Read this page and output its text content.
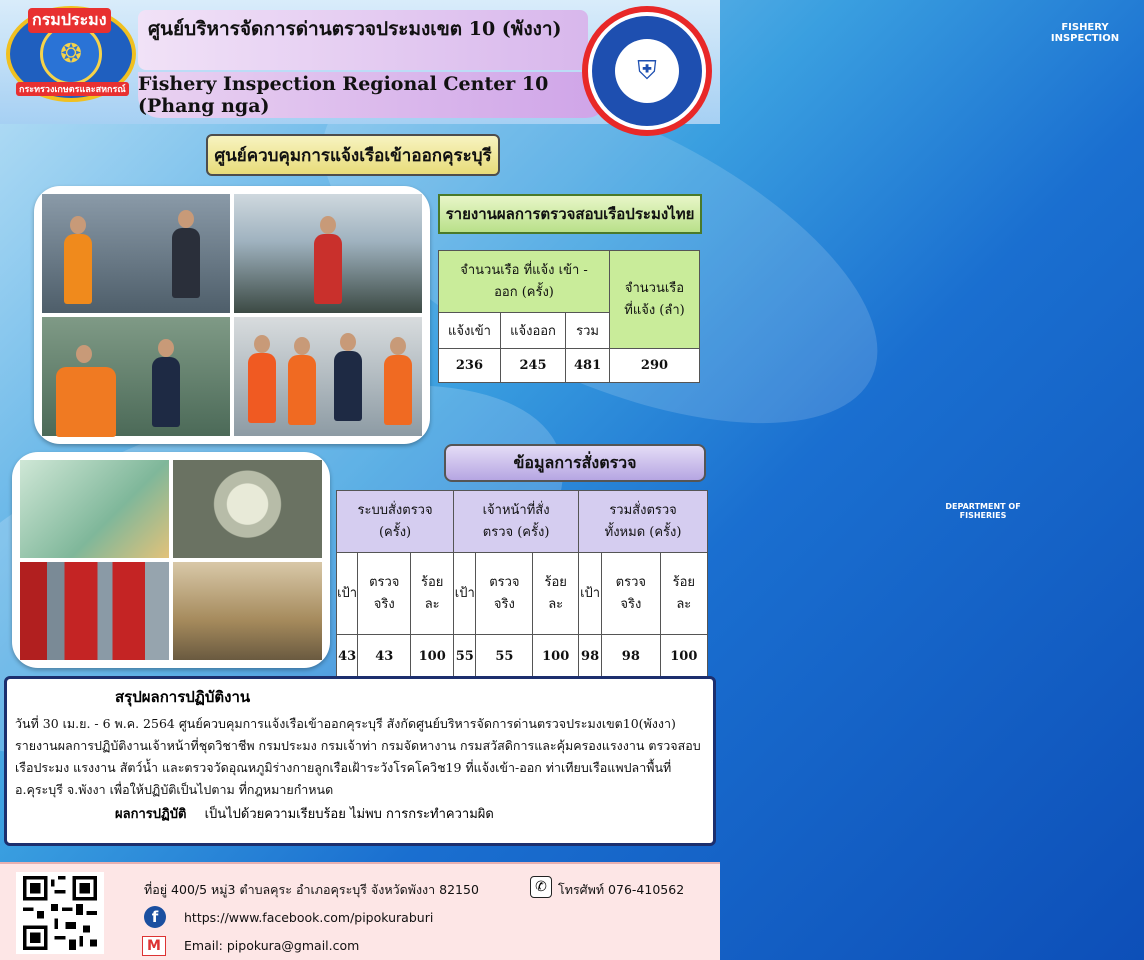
❂
กรมประมง
กระทรวงเกษตรและสหกรณ์
ศูนย์บริหารจัดการด่านตรวจประมงเขต 10 (พังงา)
Fishery Inspection Regional Center 10 (Phang nga)
FISHERY INSPECTION
⛨
DEPARTMENT OF FISHERIES
ศูนย์ควบคุมการแจ้งเรือเข้าออกคุระบุรี
รายงานผลการตรวจสอบเรือประมงไทย
จำนวนเรือ ที่แจ้ง เข้า - ออก (ครั้ง)			จำนวนเรือ ที่แจ้ง (ลำ)
แจ้งเข้า	แจ้งออก	รวม	
236	245	481	290
ข้อมูลการสั่งตรวจ
ระบบสั่งตรวจ (ครั้ง)			เจ้าหน้าที่สั่งตรวจ (ครั้ง)			รวมสั่งตรวจทั้งหมด (ครั้ง)		
เป้า	ตรวจ จริง	ร้อย ละ	เป้า	ตรวจ จริง	ร้อย ละ	เป้า	ตรวจ จริง	ร้อย ละ
43	43	100	55	55	100	98	98	100
สรุปผลการปฏิบัติงาน
วันที่ 30 เม.ย. - 6 พ.ค. 2564 ศูนย์ควบคุมการแจ้งเรือเข้าออกคุระบุรี สังกัดศูนย์บริหารจัดการด่านตรวจประมงเขต10(พังงา) รายงานผลการปฏิบัติงานเจ้าหน้าที่ชุดวิชาชีพ กรมประมง กรมเจ้าท่า กรมจัดหางาน กรมสวัสดิการและคุ้มครองแรงงาน ตรวจสอบ เรือประมง แรงงาน สัตว์น้ำ และตรวจวัดอุณหภูมิร่างกายลูกเรือเฝ้าระวังโรคโควิช19 ที่แจ้งเข้า-ออก ท่าเทียบเรือแพปลาพื้นที่ อ.คุระบุรี จ.พังงา เพื่อให้ปฏิบัติเป็นไปตาม ที่กฎหมายกำหนด
ผลการปฏิบัติ เป็นไปด้วยความเรียบร้อย ไม่พบ การกระทำความผิด
ที่อยู่ 400/5 หมู่3 ตำบลคุระ อำเภอคุระบุรี จังหวัดพังงา 82150	✆ โทรศัพท์ 076-410562
f	https://www.facebook.com/pipokuraburi
M	Email: pipokura@gmail.com
